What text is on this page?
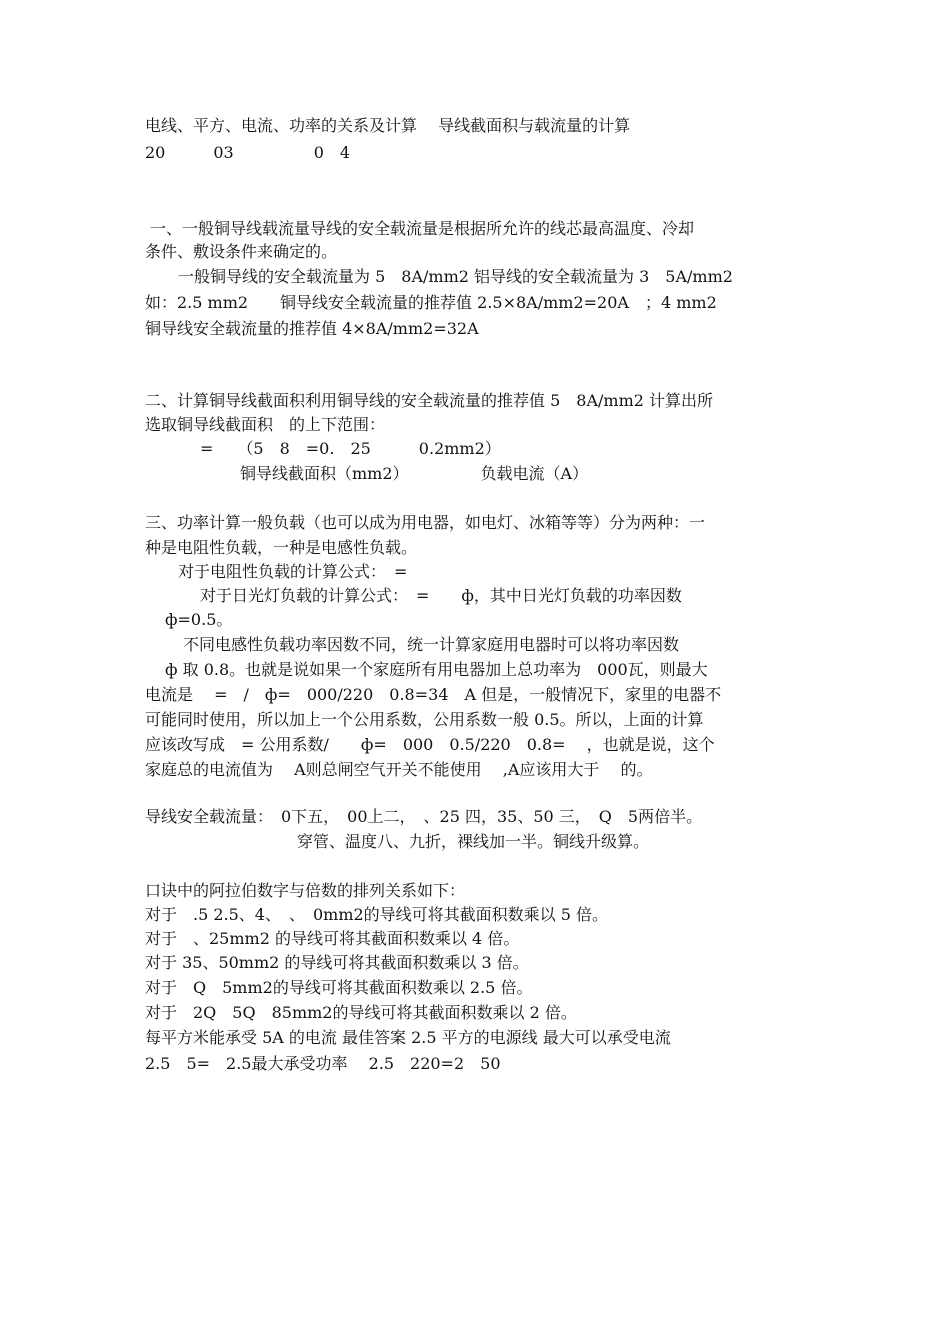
电线、平方、电流、功率的关系及计算　 导线截面积与载流量的计算
20　　　03　　　　　0　4
一、一般铜导线载流量导线的安全载流量是根据所允许的线芯最高温度、冷却
条件、敷设条件来确定的。
一般铜导线的安全载流量为 5　8A/mm2 铝导线的安全载流量为 3　5A/mm2
如：2.5 mm2　　铜导线安全载流量的推荐值 2.5×8A/mm2=20A　；4 mm2
铜导线安全载流量的推荐值 4×8A/mm2=32A
二、计算铜导线截面积利用铜导线的安全载流量的推荐值 5　8A/mm2 计算出所
选取铜导线截面积　的上下范围：
=　　（5　8　=0.　25　　　0.2mm2）
铜导线截面积（mm2）　　　　　负载电流（A）
三、功率计算一般负载（也可以成为用电器，如电灯、冰箱等等）分为两种：一
种是电阻性负载，一种是电感性负载。
对于电阻性负载的计算公式：　=
对于日光灯负载的计算公式：　=　　ф，其中日光灯负载的功率因数
ф=0.5。
不同电感性负载功率因数不同，统一计算家庭用电器时可以将功率因数
ф 取 0.8。也就是说如果一个家庭所有用电器加上总功率为　000瓦，则最大
电流是　 =　/　ф=　000/220　0.8=34　A 但是，一般情况下，家里的电器不
可能同时使用，所以加上一个公用系数，公用系数一般 0.5。所以，上面的计算
应该改写成　= 公用系数/　　ф=　000　0.5/220　0.8=　 ，也就是说，这个
家庭总的电流值为　 A则总闸空气开关不能使用　 ,A应该用大于　 的。
导线安全载流量：　0下五，　00上二，　、25 四，35、50 三，　Q　5两倍半。
穿管、温度八、九折，裸线加一半。铜线升级算。
口诀中的阿拉伯数字与倍数的排列关系如下：
对于　.5 2.5、4、　、　0mm2的导线可将其截面积数乘以 5 倍。
对于　、25mm2 的导线可将其截面积数乘以 4 倍。
对于 35、50mm2 的导线可将其截面积数乘以 3 倍。
对于　Q　5mm2的导线可将其截面积数乘以 2.5 倍。
对于　2Q　5Q　85mm2的导线可将其截面积数乘以 2 倍。
每平方米能承受 5A 的电流 最佳答案 2.5 平方的电源线 最大可以承受电流
2.5　5=　2.5最大承受功率　 2.5　220=2　50
